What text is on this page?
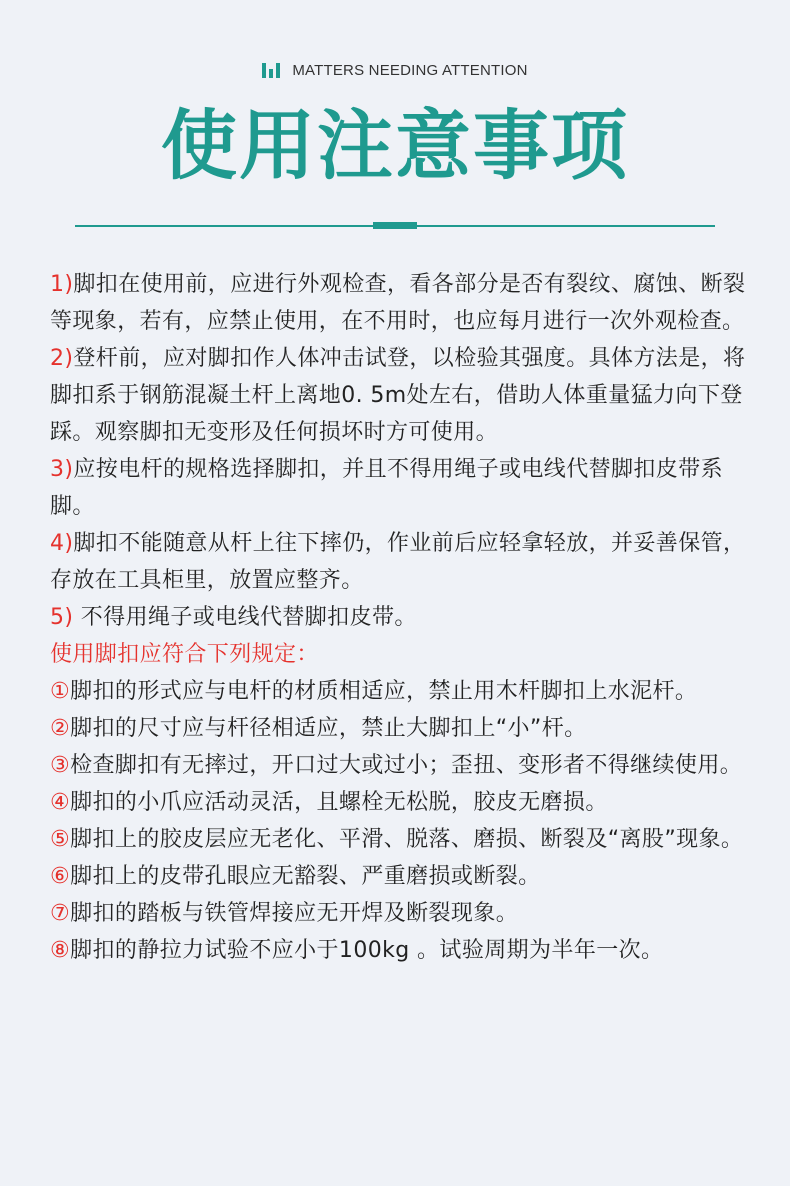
MATTERS NEEDING ATTENTION
使用注意事项

1)脚扣在使用前，应进行外观检查，看各部分是否有裂纹、腐蚀、断裂等现象，若有，应禁止使用，在不用时，也应每月进行一次外观检查。

2)登杆前，应对脚扣作人体冲击试登，以检验其强度。具体方法是，将脚扣系于钢筋混凝土杆上离地0. 5m处左右，借助人体重量猛力向下登踩。观察脚扣无变形及任何损坏时方可使用。

3)应按电杆的规格选择脚扣，并且不得用绳子或电线代替脚扣皮带系脚。

4)脚扣不能随意从杆上往下摔仍，作业前后应轻拿轻放，并妥善保管，存放在工具柜里，放置应整齐。

5) 不得用绳子或电线代替脚扣皮带。

使用脚扣应符合下列规定：

①脚扣的形式应与电杆的材质相适应，禁止用木杆脚扣上水泥杆。

②脚扣的尺寸应与杆径相适应，禁止大脚扣上“小”杆。

③检查脚扣有无摔过，开口过大或过小；歪扭、变形者不得继续使用。

④脚扣的小爪应活动灵活，且螺栓无松脱，胶皮无磨损。

⑤脚扣上的胶皮层应无老化、平滑、脱落、磨损、断裂及“离股”现象。

⑥脚扣上的皮带孔眼应无豁裂、严重磨损或断裂。

⑦脚扣的踏板与铁管焊接应无开焊及断裂现象。

⑧脚扣的静拉力试验不应小于100kg 。试验周期为半年一次。
